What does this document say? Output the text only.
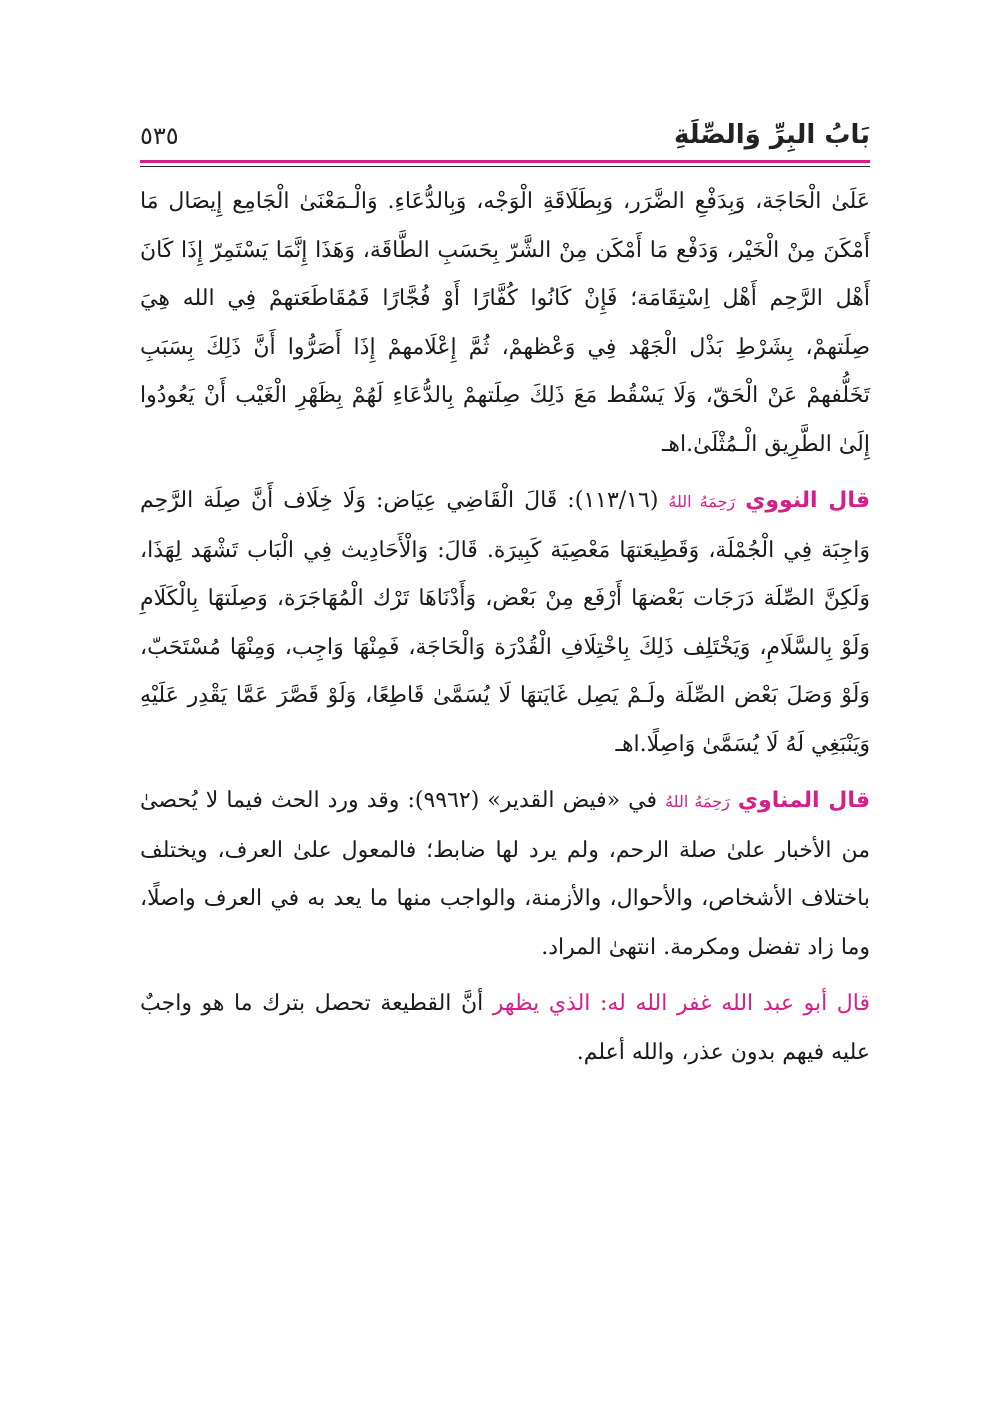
بَابُ البِرِّ وَالصِّلَةِ
٥٣٥

عَلَىٰ الْحَاجَة، وَبِدَفْعِ الضَّرَر، وَبِطَلَاقَةِ الْوَجْه، وَبِالدُّعَاءِ. وَالْـمَعْنَىٰ الْجَامِع إِيصَال مَا أَمْكَنَ مِنْ الْخَيْر، وَدَفْع مَا أَمْكَن مِنْ الشَّرّ بِحَسَبِ الطَّاقَة، وَهَذَا إِنَّمَا يَسْتَمِرّ إِذَا كَانَ أَهْل الرَّحِم أَهْل اِسْتِقَامَة؛ فَإِنْ كَانُوا كُفَّارًا أَوْ فُجَّارًا فَمُقَاطَعَتهمْ فِي الله هِيَ صِلَتهمْ، بِشَرْطِ بَذْل الْجَهْد فِي وَعْظهمْ، ثُمَّ إِعْلَامهمْ إِذَا أَصَرُّوا أَنَّ ذَلِكَ بِسَبَبِ تَخَلُّفهمْ عَنْ الْحَقّ، وَلَا يَسْقُط مَعَ ذَلِكَ صِلَتهمْ بِالدُّعَاءِ لَهُمْ بِظَهْرِ الْغَيْب أَنْ يَعُودُوا إِلَىٰ الطَّرِيق الْـمُثْلَىٰ.اهـ

قال النووي رَحِمَهُ اللهُ (١١٣/١٦): قَالَ الْقَاضِي عِيَاض: وَلَا خِلَاف أَنَّ صِلَة الرَّحِم وَاجِبَة فِي الْجُمْلَة، وَقَطِيعَتهَا مَعْصِيَة كَبِيرَة. قَالَ: وَالْأَحَادِيث فِي الْبَاب تَشْهَد لِهَذَا، وَلَكِنَّ الصِّلَة دَرَجَات بَعْضهَا أَرْفَع مِنْ بَعْض، وَأَدْنَاهَا تَرْك الْمُهَاجَرَة، وَصِلَتهَا بِالْكَلَامِ وَلَوْ بِالسَّلَامِ، وَيَخْتَلِف ذَلِكَ بِاخْتِلَافِ الْقُدْرَة وَالْحَاجَة، فَمِنْهَا وَاجِب، وَمِنْهَا مُسْتَحَبّ، وَلَوْ وَصَلَ بَعْض الصِّلَة ولَـمْ يَصِل غَايَتهَا لَا يُسَمَّىٰ قَاطِعًا، وَلَوْ قَصَّرَ عَمَّا يَقْدِر عَلَيْهِ وَيَنْبَغِي لَهُ لَا يُسَمَّىٰ وَاصِلًا.اهـ

قال المناوي رَحِمَهُ اللهُ في «فيض القدير» (٩٩٦٢): وقد ورد الحث فيما لا يُحصىٰ من الأخبار علىٰ صلة الرحم، ولم يرد لها ضابط؛ فالمعول علىٰ العرف، ويختلف باختلاف الأشخاص، والأحوال، والأزمنة، والواجب منها ما يعد به في العرف واصلًا، وما زاد تفضل ومكرمة. انتهىٰ المراد.

قال أبو عبد الله غفر الله له: الذي يظهر أنَّ القطيعة تحصل بترك ما هو واجبٌ عليه فيهم بدون عذر، والله أعلم.
